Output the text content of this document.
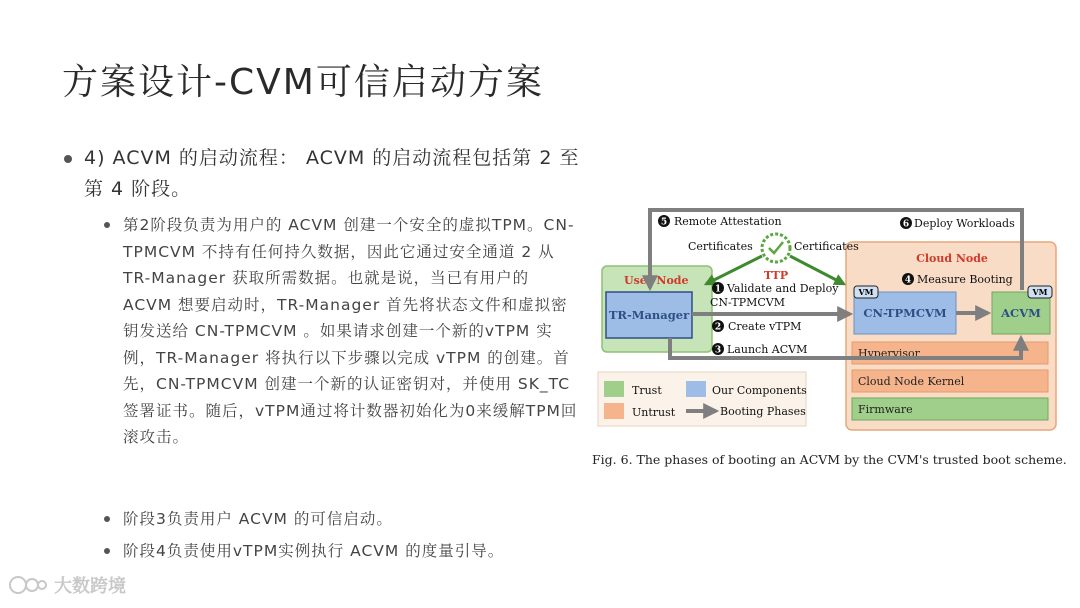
方案设计-CVM可信启动方案
4) ACVM 的启动流程： ACVM 的启动流程包括第 2 至第 4 阶段。
第2阶段负责为用户的 ACVM 创建一个安全的虚拟TPM。CN-TPMCVM 不持有任何持久数据，因此它通过安全通道 2 从 TR-Manager 获取所需数据。也就是说，当已有用户的 ACVM 想要启动时，TR-Manager 首先将状态文件和虚拟密钥发送给 CN-TPMCVM 。如果请求创建一个新的vTPM 实例，TR-Manager 将执行以下步骤以完成 vTPM 的创建。首先，CN-TPMCVM 创建一个新的认证密钥对，并使用 SK_TC 签署证书。随后，vTPM通过将计数器初始化为0来缓解TPM回滚攻击。
阶段3负责用户 ACVM 的可信启动。
阶段4负责使用vTPM实例执行 ACVM 的度量引导。
Cloud Node
User Node
TR-Manager	CN-TPMCVM	ACVM
VM	VM
Hypervisor
Cloud Node Kernel
Firmware
5 Remote Attestation	6 Deploy Workloads
TTP
Certificates	Certificates
1 Validate and Deploy
CN-TPMCVM
2 Create vTPM
3 Launch ACVM
4 Measure Booting
Trust
Untrust
Our Components
Booting Phases
Fig. 6. The phases of booting an ACVM by the CVM's trusted boot scheme.
大数跨境
